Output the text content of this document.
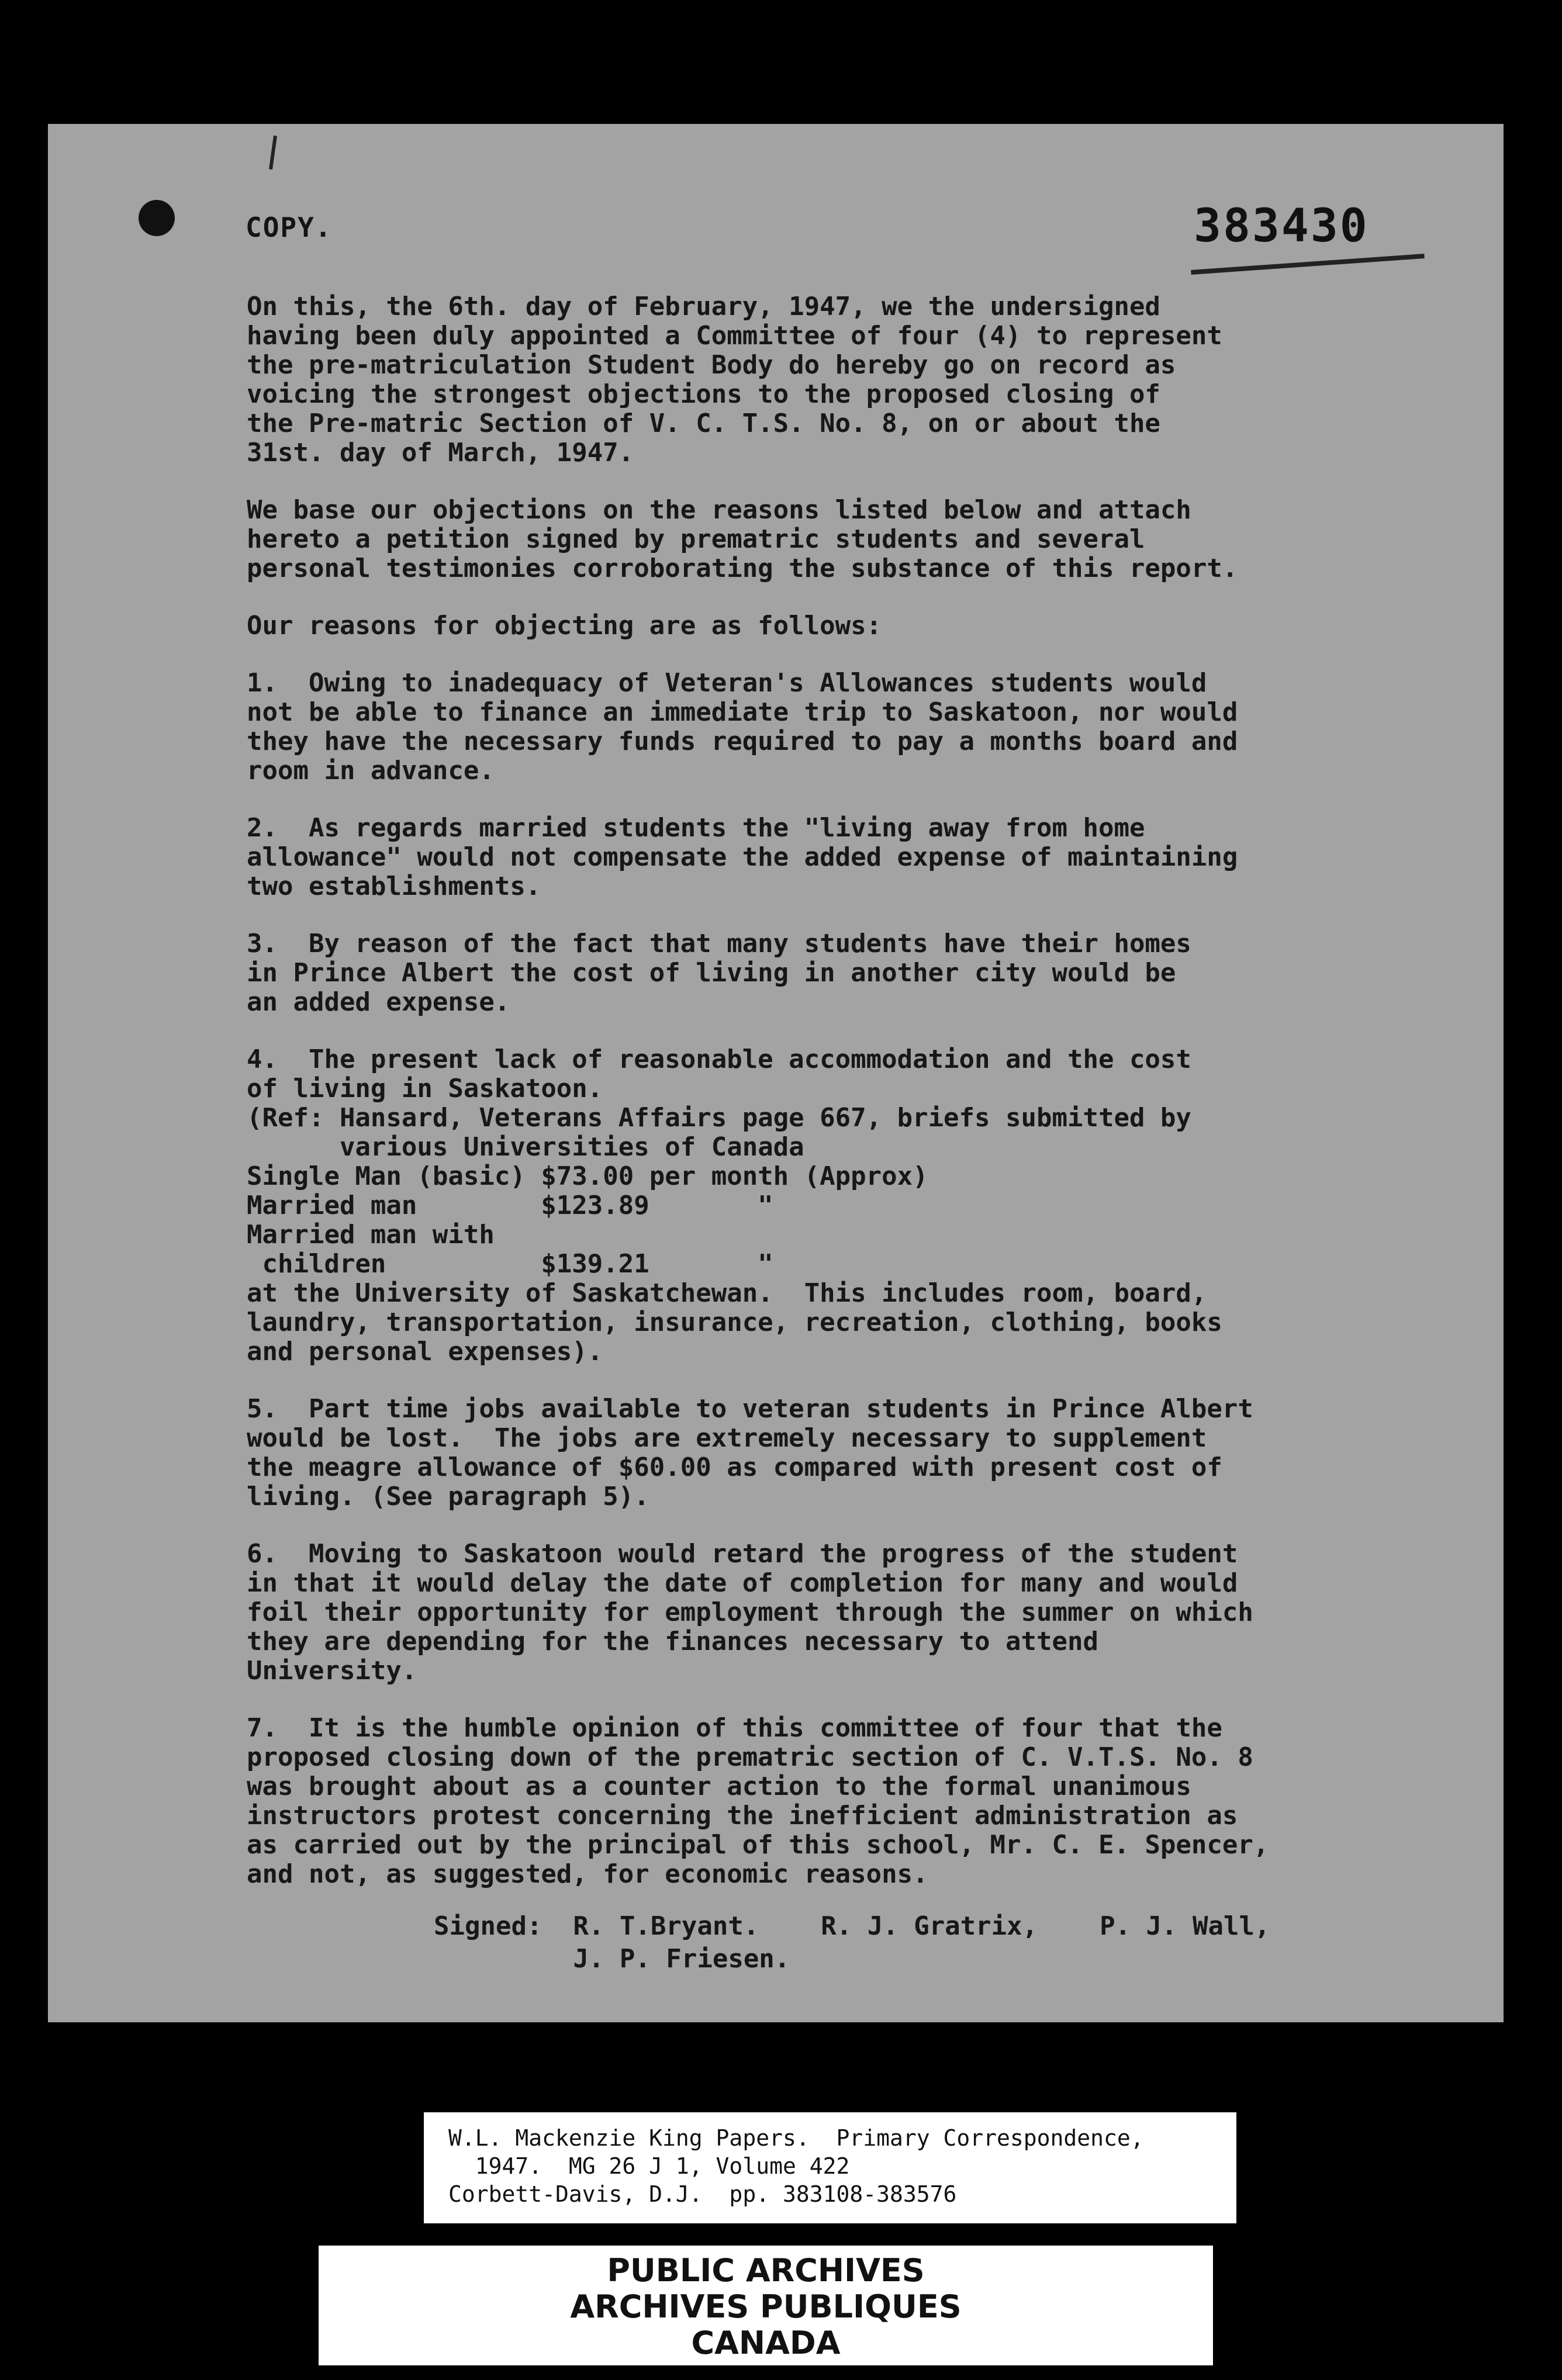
COPY.	383430

On this, the 6th. day of February, 1947, we the undersigned
having been duly appointed a Committee of four (4) to represent
the pre-matriculation Student Body do hereby go on record as
voicing the strongest objections to the proposed closing of
the Pre-matric Section of V. C. T.S. No. 8, on or about the
31st. day of March, 1947.

We base our objections on the reasons listed below and attach
hereto a petition signed by prematric students and several
personal testimonies corroborating the substance of this report.

Our reasons for objecting are as follows:

1.  Owing to inadequacy of Veteran's Allowances students would
not be able to finance an immediate trip to Saskatoon, nor would
they have the necessary funds required to pay a months board and
room in advance.

2.  As regards married students the "living away from home
allowance" would not compensate the added expense of maintaining
two establishments.

3.  By reason of the fact that many students have their homes
in Prince Albert the cost of living in another city would be
an added expense.

4.  The present lack of reasonable accommodation and the cost
of living in Saskatoon.
(Ref: Hansard, Veterans Affairs page 667, briefs submitted by
various Universities of Canada
Single Man (basic) $73.00 per month (Approx)
Married man        $123.89       "
Married man with
children          $139.21       "
at the University of Saskatchewan.  This includes room, board,
laundry, transportation, insurance, recreation, clothing, books
and personal expenses).

5.  Part time jobs available to veteran students in Prince Albert
would be lost.  The jobs are extremely necessary to supplement
the meagre allowance of $60.00 as compared with present cost of
living. (See paragraph 5).

6.  Moving to Saskatoon would retard the progress of the student
in that it would delay the date of completion for many and would
foil their opportunity for employment through the summer on which
they are depending for the finances necessary to attend
University.

7.  It is the humble opinion of this committee of four that the
proposed closing down of the prematric section of C. V.T.S. No. 8
was brought about as a counter action to the formal unanimous
instructors protest concerning the inefficient administration as
as carried out by the principal of this school, Mr. C. E. Spencer,
and not, as suggested, for economic reasons.

Signed:  R. T.Bryant.    R. J. Gratrix,    P. J. Wall,
J. P. Friesen.
W.L. Mackenzie King Papers.  Primary Correspondence,
1947.  MG 26 J 1, Volume 422
Corbett-Davis, D.J.  pp. 383108-383576
PUBLIC ARCHIVES
ARCHIVES PUBLIQUES
CANADA
